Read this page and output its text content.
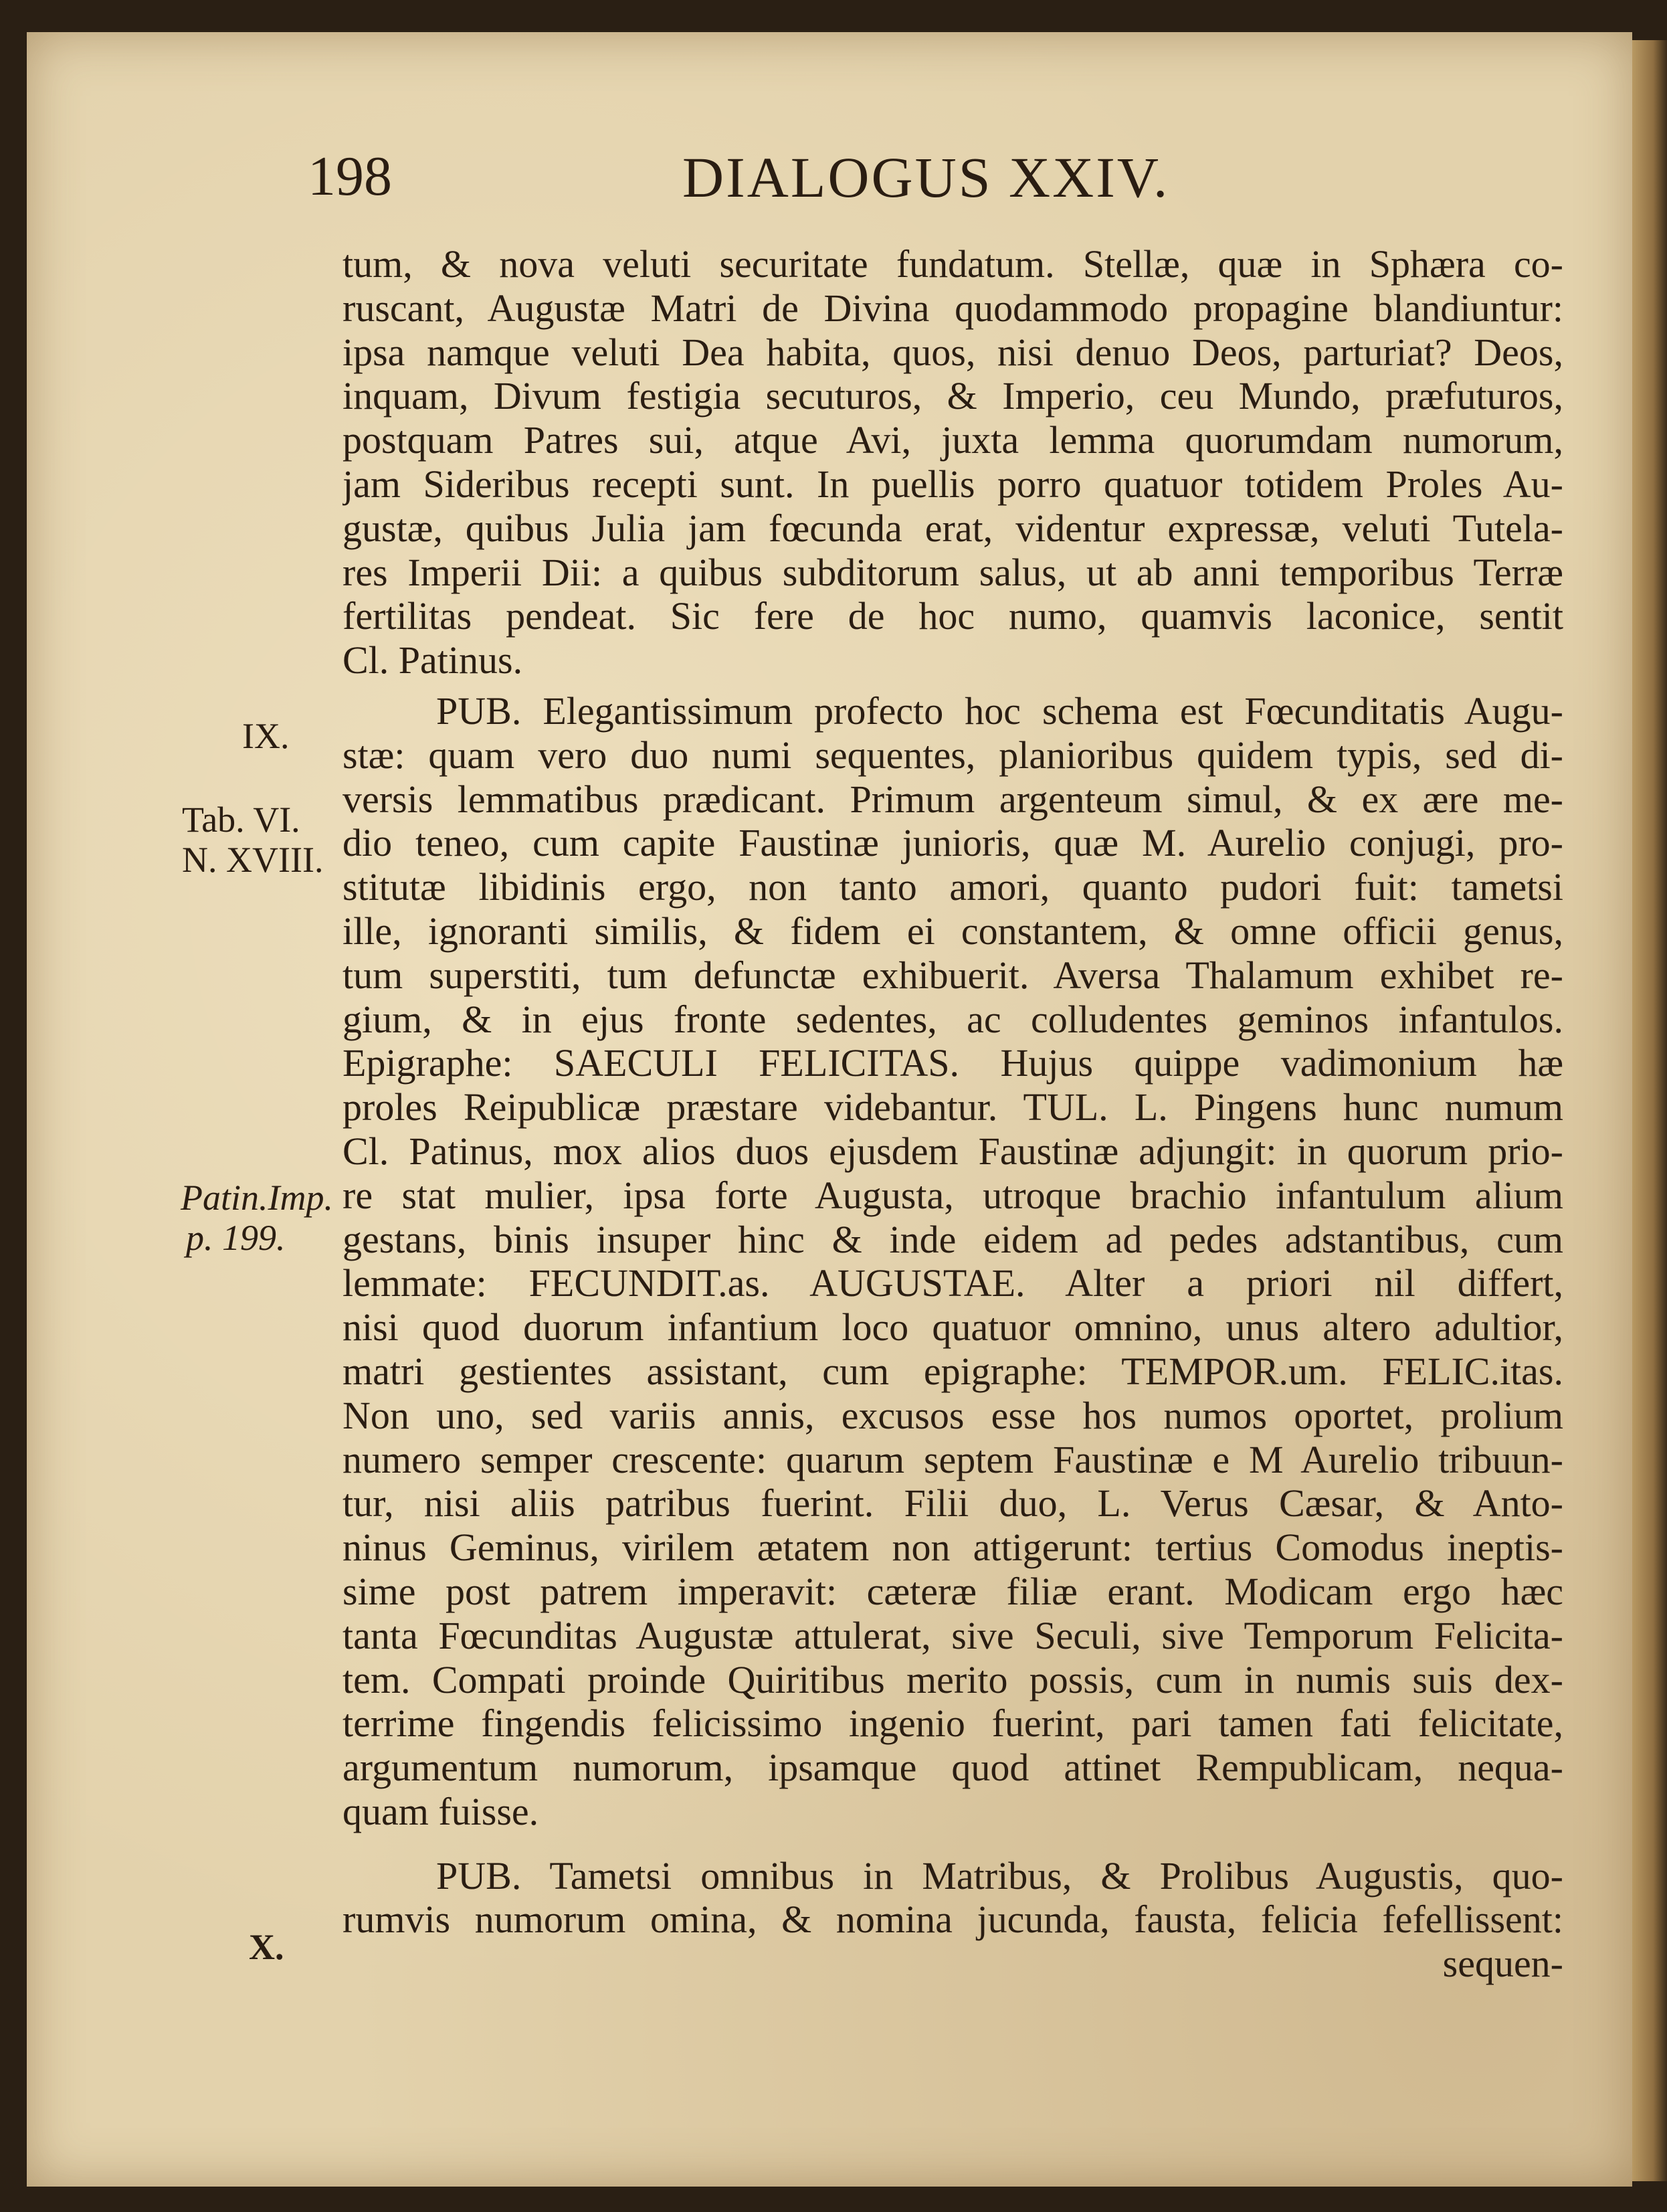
198	DIALOGUS XXIV.
IX.
Tab. VI.
N. XVIII.
Patin.Imp.
p. 199.
X.
tum, & nova veluti securitate fundatum. Stellæ, quæ in Sphæra co-
ruscant, Augustæ Matri de Divina quodammodo propagine blandiuntur:
ipsa namque veluti Dea habita, quos, nisi denuo Deos, parturiat? Deos,
inquam, Divum festigia secuturos, & Imperio, ceu Mundo, præfuturos,
postquam Patres sui, atque Avi, juxta lemma quorumdam numorum,
jam Sideribus recepti sunt. In puellis porro quatuor totidem Proles Au-
gustæ, quibus Julia jam fœcunda erat, videntur expressæ, veluti Tutela-
res Imperii Dii: a quibus subditorum salus, ut ab anni temporibus Terræ
fertilitas pendeat. Sic fere de hoc numo, quamvis laconice, sentit
Cl. Patinus.
PUB. Elegantissimum profecto hoc schema est Fœcunditatis Augu-
stæ: quam vero duo numi sequentes, planioribus quidem typis, sed di-
versis lemmatibus prædicant. Primum argenteum simul, & ex ære me-
dio teneo, cum capite Faustinæ junioris, quæ M. Aurelio conjugi, pro-
stitutæ libidinis ergo, non tanto amori, quanto pudori fuit: tametsi
ille, ignoranti similis, & fidem ei constantem, & omne officii genus,
tum superstiti, tum defunctæ exhibuerit. Aversa Thalamum exhibet re-
gium, & in ejus fronte sedentes, ac colludentes geminos infantulos.
Epigraphe: SAECULI FELICITAS. Hujus quippe vadimonium hæ
proles Reipublicæ præstare videbantur. TUL. L. Pingens hunc numum
Cl. Patinus, mox alios duos ejusdem Faustinæ adjungit: in quorum prio-
re stat mulier, ipsa forte Augusta, utroque brachio infantulum alium
gestans, binis insuper hinc & inde eidem ad pedes adstantibus, cum
lemmate: FECUNDIT.as. AUGUSTAE. Alter a priori nil differt,
nisi quod duorum infantium loco quatuor omnino, unus altero adultior,
matri gestientes assistant, cum epigraphe: TEMPOR.um. FELIC.itas.
Non uno, sed variis annis, excusos esse hos numos oportet, prolium
numero semper crescente: quarum septem Faustinæ e M Aurelio tribuun-
tur, nisi aliis patribus fuerint. Filii duo, L. Verus Cæsar, & Anto-
ninus Geminus, virilem ætatem non attigerunt: tertius Comodus ineptis-
sime post patrem imperavit: cæteræ filiæ erant. Modicam ergo hæc
tanta Fœcunditas Augustæ attulerat, sive Seculi, sive Temporum Felicita-
tem. Compati proinde Quiritibus merito possis, cum in numis suis dex-
terrime fingendis felicissimo ingenio fuerint, pari tamen fati felicitate,
argumentum numorum, ipsamque quod attinet Rempublicam, nequa-
quam fuisse.
PUB. Tametsi omnibus in Matribus, & Prolibus Augustis, quo-
rumvis numorum omina, & nomina jucunda, fausta, felicia fefellissent:
sequen-
